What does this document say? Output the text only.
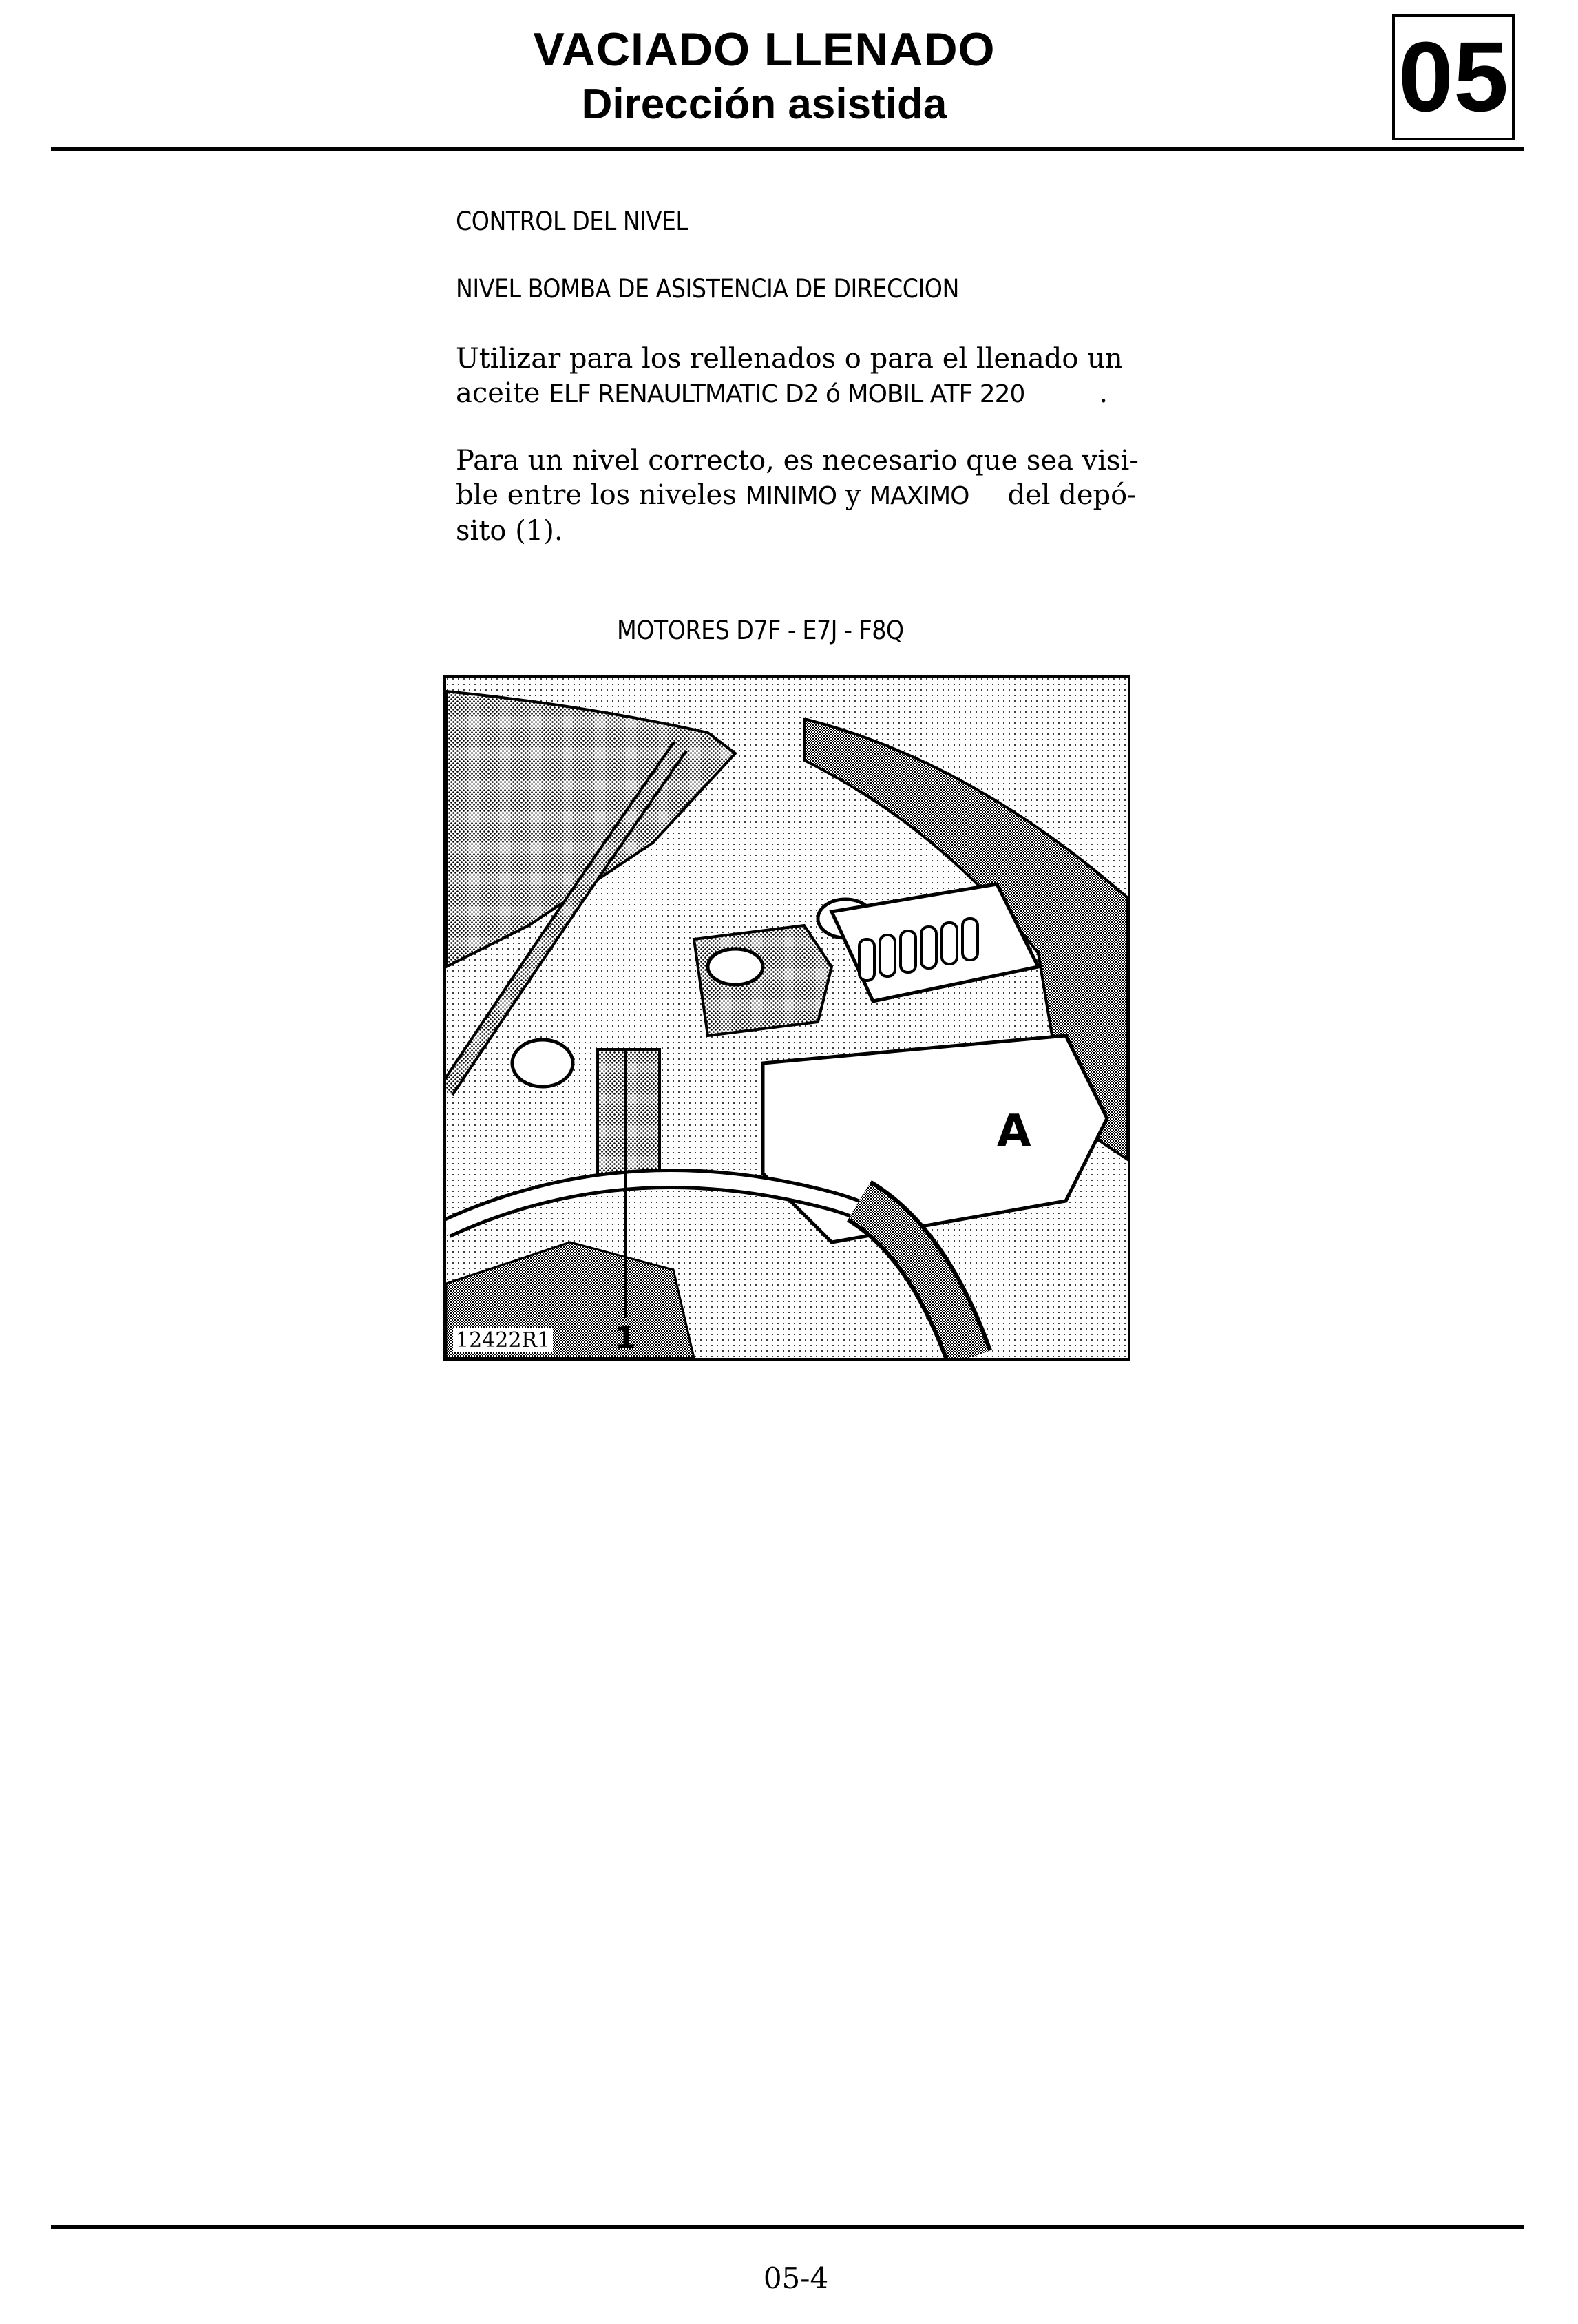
VACIADO LLENADO
Dirección asistida	05
CONTROL DEL NIVEL
NIVEL BOMBA DE ASISTENCIA DE DIRECCION
Utilizar para los rellenados o para el llenado un
aceite ELF RENAULTMATIC D2 ó MOBIL ATF 220	.
Para un nivel correcto, es necesario que sea visi-
ble entre los niveles MINIMO y MAXIMO del depó-
sito (1).
MOTORES D7F - E7J - F8Q
A
1
12422R1
05-4
